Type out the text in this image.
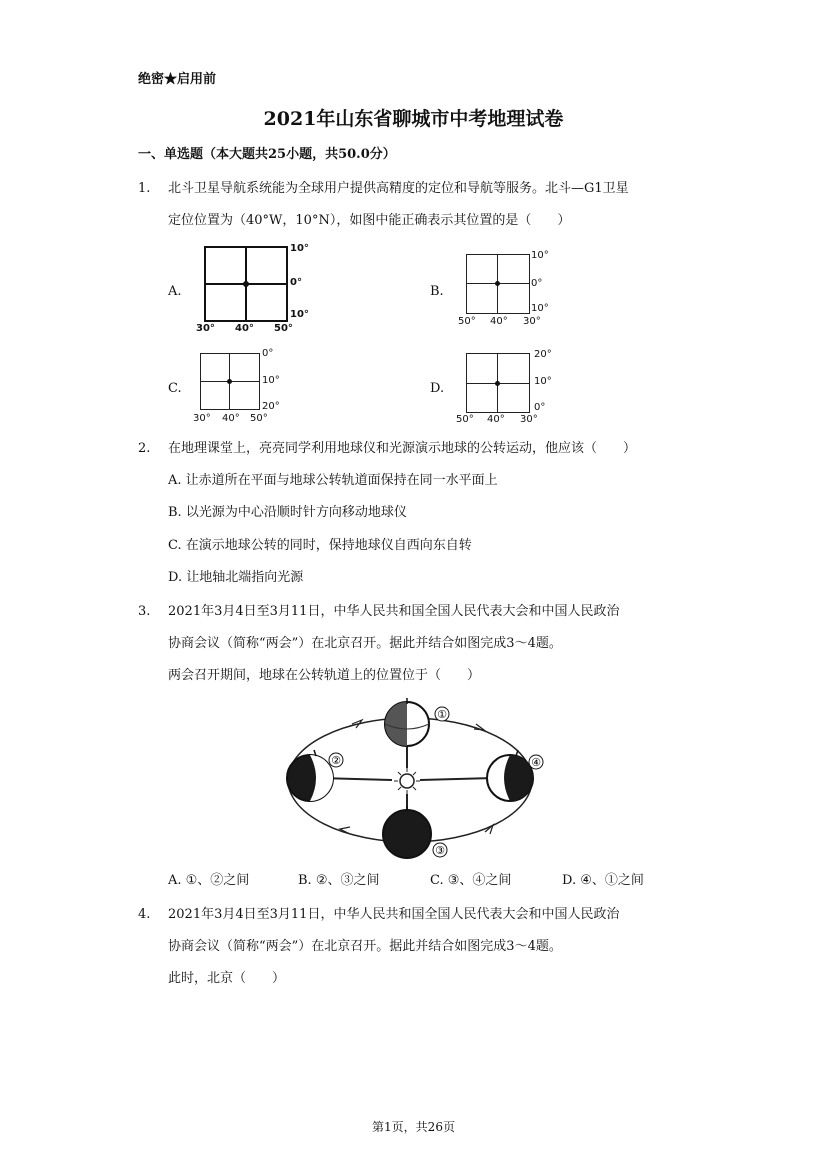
绝密★启用前
2021年山东省聊城市中考地理试卷
一、单选题（本大题共25小题，共50.0分）
1. 北斗卫星导航系统能为全球用户提供高精度的定位和导航等服务。北斗—G1卫星
定位位置为（40°W，10°N），如图中能正确表示其位置的是（　　）
A.
10°
0°
10°
30° 40° 50°
B.
10°
0°
10°
50° 40° 30°
C.
0°
10°
20°
30° 40° 50°
D.
20°
10°
0°
50° 40° 30°
2. 在地理课堂上，亮亮同学利用地球仪和光源演示地球的公转运动，他应该（　　）
A. 让赤道所在平面与地球公转轨道面保持在同一水平面上
B. 以光源为中心沿顺时针方向移动地球仪
C. 在演示地球公转的同时，保持地球仪自西向东自转
D. 让地轴北端指向光源
3. 2021年3月4日至3月11日，中华人民共和国全国人民代表大会和中国人民政治
协商会议（简称“两会”）在北京召开。据此并结合如图完成3～4题。
两会召开期间，地球在公转轨道上的位置位于（　　）
①
②
③
④
A. ①、②之间	B. ②、③之间	C. ③、④之间	D. ④、①之间
4. 2021年3月4日至3月11日，中华人民共和国全国人民代表大会和中国人民政治
协商会议（简称“两会”）在北京召开。据此并结合如图完成3～4题。
此时，北京（　　）
第1页，共26页
